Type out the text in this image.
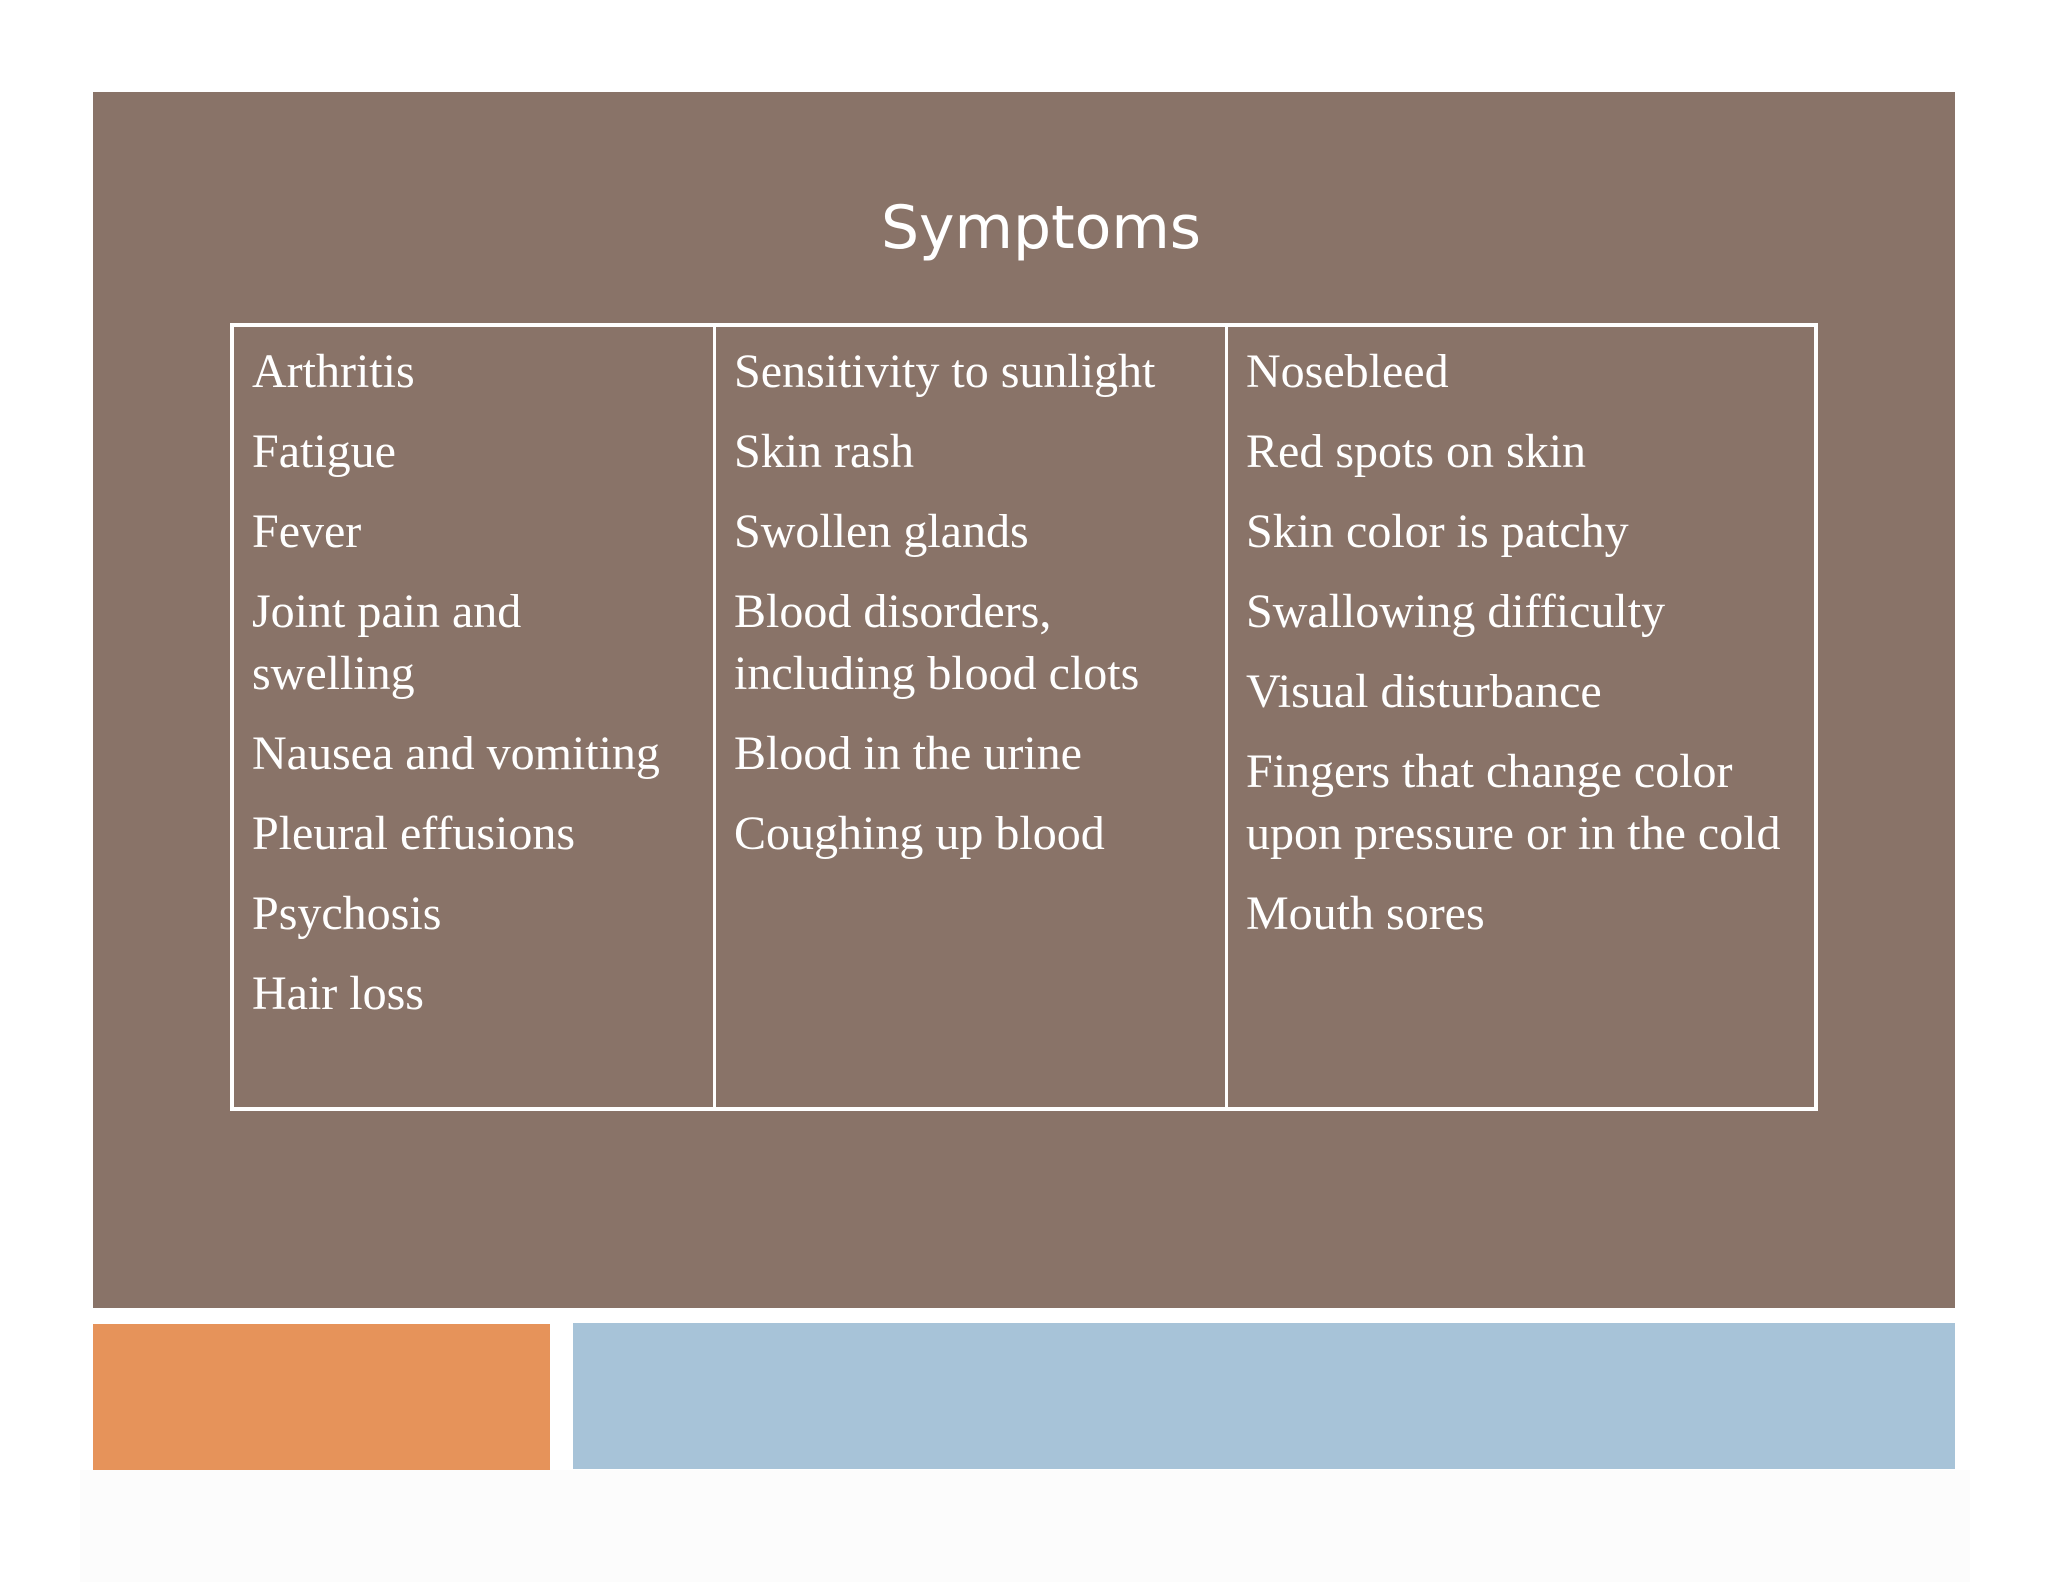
Symptoms

Arthritis

Fatigue

Fever

Joint pain and swelling

Nausea and vomiting

Pleural effusions

Psychosis

Hair loss

Sensitivity to sunlight

Skin rash

Swollen glands

Blood disorders, including blood clots

Blood in the urine

Coughing up blood

Nosebleed

Red spots on skin

Skin color is patchy

Swallowing difficulty

Visual disturbance

Fingers that change color upon pressure or in the cold

Mouth sores
